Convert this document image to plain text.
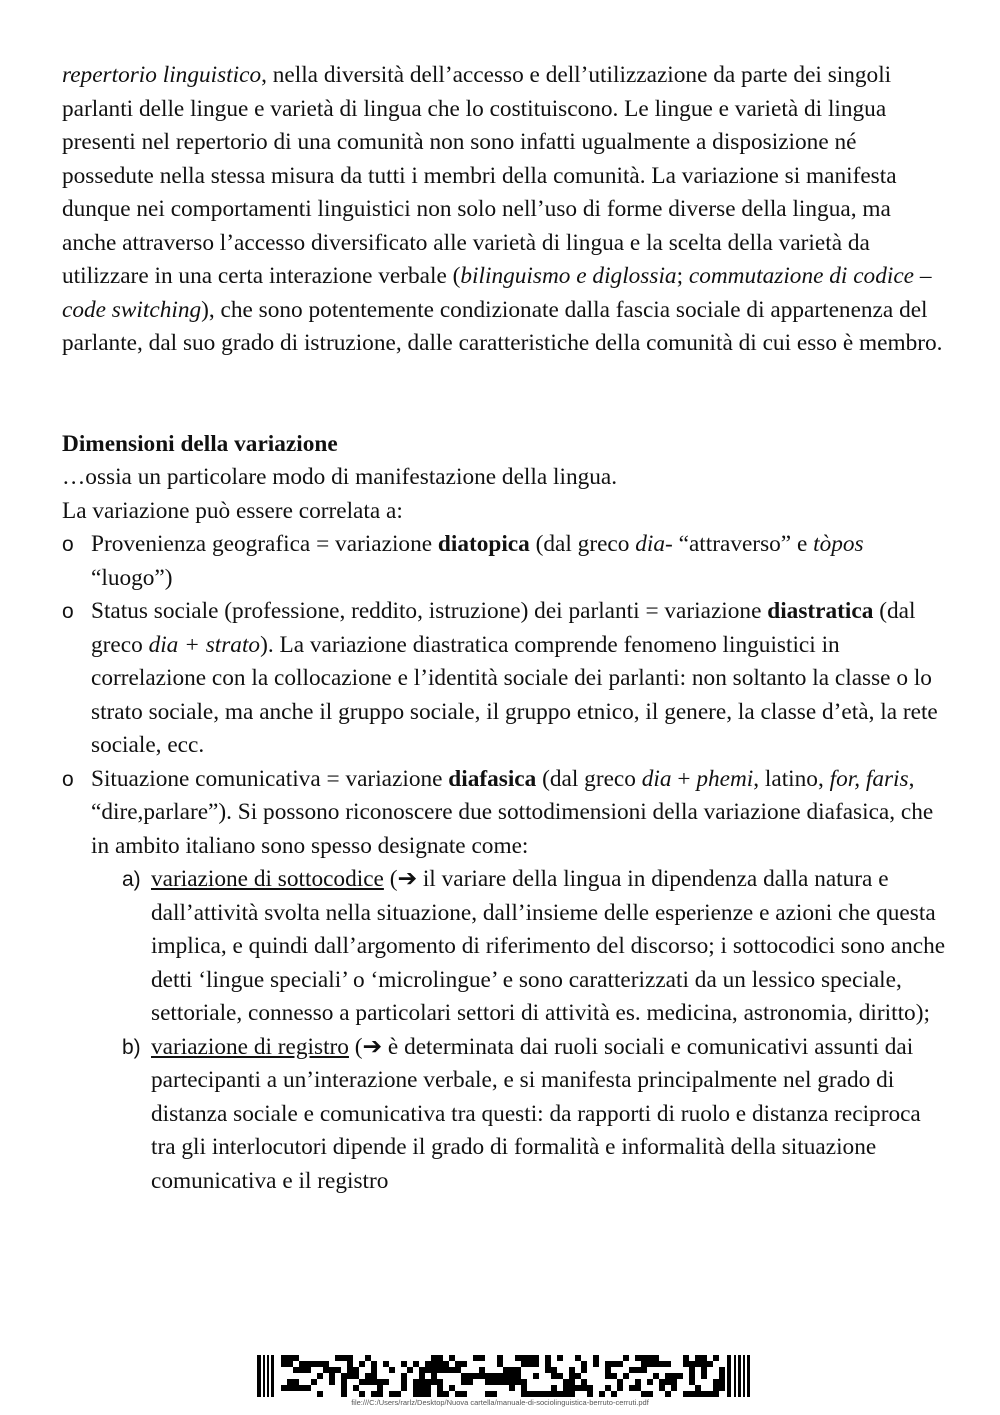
repertorio linguistico, nella diversità dell’accesso e dell’utilizzazione da parte dei singoli parlanti delle lingue e varietà di lingua che lo costituiscono. Le lingue e varietà di lingua presenti nel repertorio di una comunità non sono infatti ugualmente a disposizione né possedute nella stessa misura da tutti i membri della comunità. La variazione si manifesta dunque nei comportamenti linguistici non solo nell’uso di forme diverse della lingua, ma anche attraverso l’accesso diversificato alle varietà di lingua e la scelta della varietà da utilizzare in una certa interazione verbale (bilinguismo e diglossia; commutazione di codice – code switching), che sono potentemente condizionate dalla fascia sociale di appartenenza del parlante, dal suo grado di istruzione, dalle caratteristiche della comunità di cui esso è membro.

Dimensioni della variazione

…ossia un particolare modo di manifestazione della lingua.

La variazione può essere correlata a:

o Provenienza geografica = variazione diatopica (dal greco dia- “attraverso” e tòpos “luogo”)
o Status sociale (professione, reddito, istruzione) dei parlanti = variazione diastratica (dal greco dia + strato). La variazione diastratica comprende fenomeno linguistici in correlazione con la collocazione e l’identità sociale dei parlanti: non soltanto la classe o lo strato sociale, ma anche il gruppo sociale, il gruppo etnico, il genere, la classe d’età, la rete sociale, ecc.
o Situazione comunicativa = variazione diafasica (dal greco dia + phemi, latino, for, faris, “dire,parlare”). Si possono riconoscere due sottodimensioni della variazione diafasica, che in ambito italiano sono spesso designate come:
a) variazione di sottocodice (➔ il variare della lingua in dipendenza dalla natura e dall’attività svolta nella situazione, dall’insieme delle esperienze e azioni che questa implica, e quindi dall’argomento di riferimento del discorso; i sottocodici sono anche detti ‘lingue speciali’ o ‘microlingue’ e sono caratterizzati da un lessico speciale, settoriale, connesso a particolari settori di attività es. medicina, astronomia, diritto);
b) variazione di registro (➔ è determinata dai ruoli sociali e comunicativi assunti dai partecipanti a un’interazione verbale, e si manifesta principalmente nel grado di distanza sociale e comunicativa tra questi: da rapporti di ruolo e distanza reciproca tra gli interlocutori dipende il grado di formalità e informalità della situazione comunicativa e il registro
file:///C:/Users/rarlz/Desktop/Nuova cartella/manuale-di-sociolinguistica-berruto-cerruti.pdf
